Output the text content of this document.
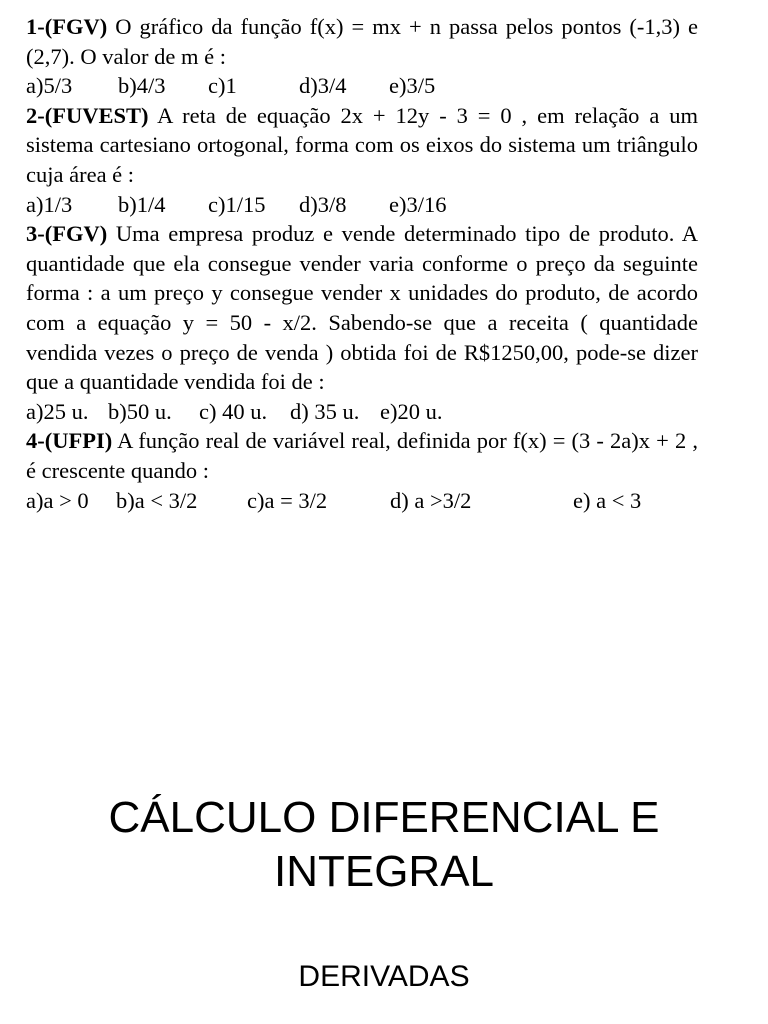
1-(FGV) O gráfico da função f(x) = mx + n passa pelos pontos (-1,3) e (2,7). O valor de m é :
a)5/3	b)4/3	c)1	d)3/4	e)3/5
2-(FUVEST) A reta de equação 2x + 12y - 3 = 0 , em relação a um sistema cartesiano ortogonal, forma com os eixos do sistema um triângulo cuja área é :
a)1/3	b)1/4	c)1/15	d)3/8	e)3/16
3-(FGV) Uma empresa produz e vende determinado tipo de produto. A quantidade que ela consegue vender varia conforme o preço da seguinte forma : a um preço y consegue vender x unidades do produto, de acordo com a equação y = 50 - x/2. Sabendo-se que a receita ( quantidade vendida vezes o preço de venda ) obtida foi de R$1250,00, pode-se dizer que a quantidade vendida foi de :
a)25 u. b)50 u.	c) 40 u.	d) 35 u. e)20 u.
4-(UFPI) A função real de variável real, definida por f(x) = (3 - 2a)x + 2 , é crescente quando :
a)a > 0	b)a < 3/2	c)a = 3/2	d) a >3/2	e) a < 3
CÁLCULO DIFERENCIAL E INTEGRAL
DERIVADAS
